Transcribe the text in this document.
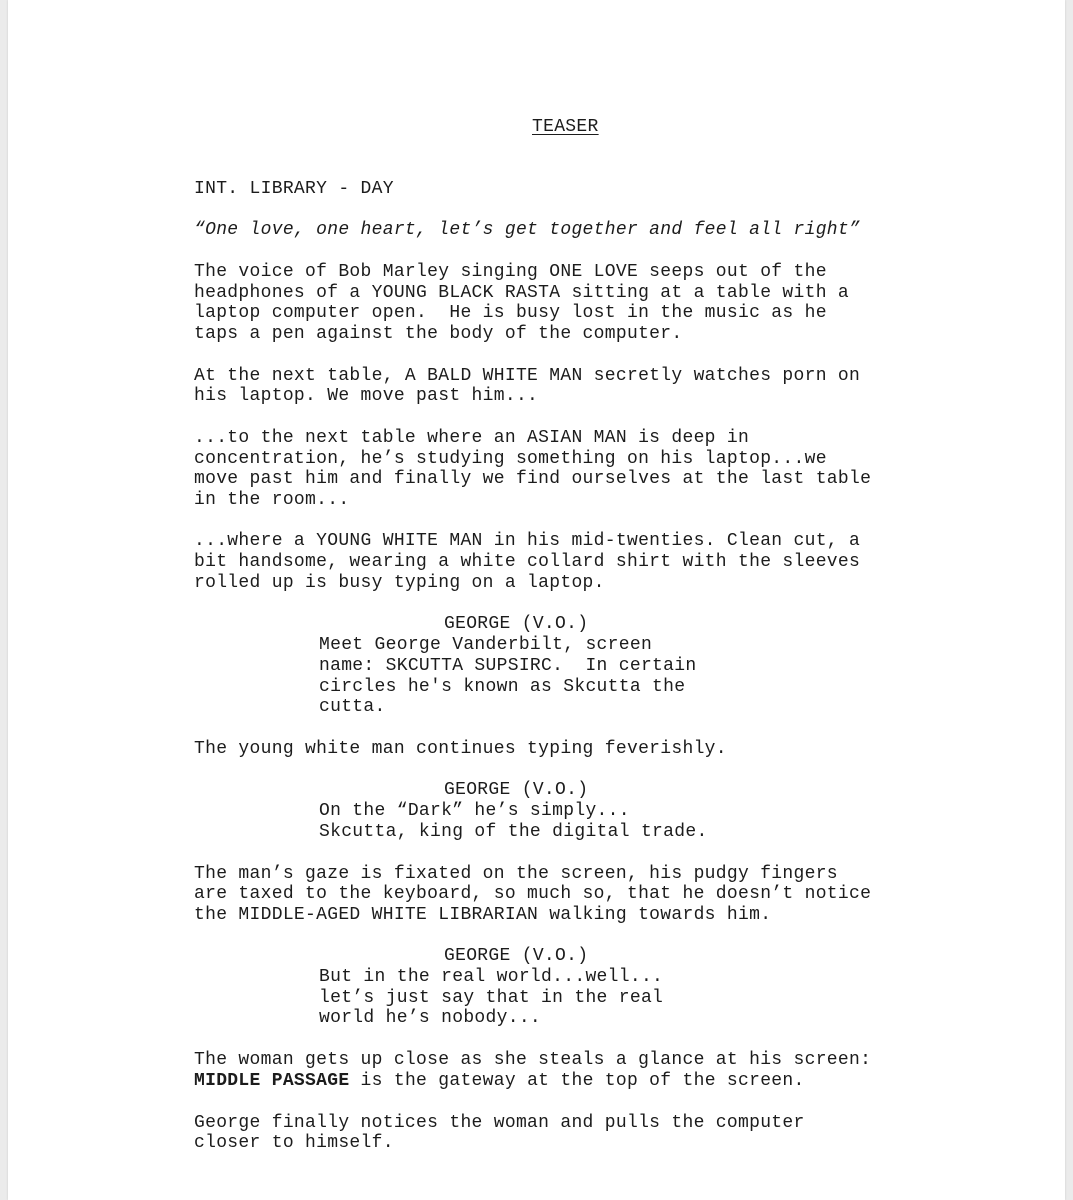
TEASER
INT. LIBRARY - DAY
“One love, one heart, let’s get together and feel all right”
The voice of Bob Marley singing ONE LOVE seeps out of the
headphones of a YOUNG BLACK RASTA sitting at a table with a
laptop computer open.  He is busy lost in the music as he
taps a pen against the body of the computer.
At the next table, A BALD WHITE MAN secretly watches porn on
his laptop. We move past him...
...to the next table where an ASIAN MAN is deep in
concentration, he’s studying something on his laptop...we
move past him and finally we find ourselves at the last table
in the room...
...where a YOUNG WHITE MAN in his mid-twenties. Clean cut, a
bit handsome, wearing a white collard shirt with the sleeves
rolled up is busy typing on a laptop.
GEORGE (V.O.)
Meet George Vanderbilt, screen
name: SKCUTTA SUPSIRC.  In certain
circles he's known as Skcutta the
cutta.
The young white man continues typing feverishly.
GEORGE (V.O.)
On the “Dark” he’s simply...
Skcutta, king of the digital trade.
The man’s gaze is fixated on the screen, his pudgy fingers
are taxed to the keyboard, so much so, that he doesn’t notice
the MIDDLE-AGED WHITE LIBRARIAN walking towards him.
GEORGE (V.O.)
But in the real world...well...
let’s just say that in the real
world he’s nobody...
The woman gets up close as she steals a glance at his screen:
MIDDLE PASSAGE is the gateway at the top of the screen.
George finally notices the woman and pulls the computer
closer to himself.
